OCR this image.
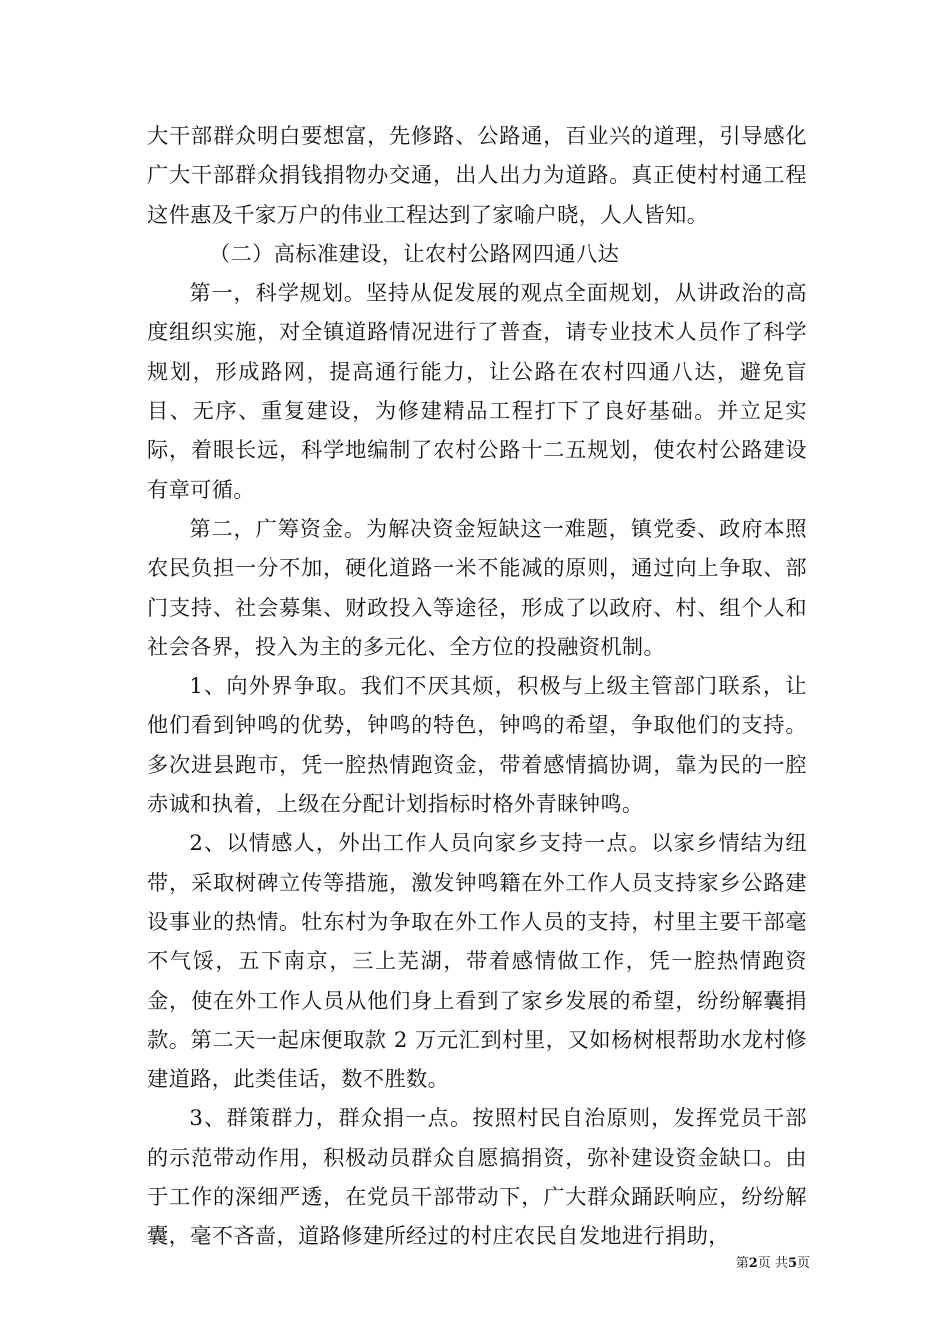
大干部群众明白要想富，先修路、公路通，百业兴的道理，引导感化广大干部群众捐钱捐物办交通，出人出力为道路。真正使村村通工程这件惠及千家万户的伟业工程达到了家喻户晓，人人皆知。

（二）高标准建设，让农村公路网四通八达

第一，科学规划。坚持从促发展的观点全面规划，从讲政治的高度组织实施，对全镇道路情况进行了普查，请专业技术人员作了科学规划，形成路网，提高通行能力，让公路在农村四通八达，避免盲目、无序、重复建设，为修建精品工程打下了良好基础。并立足实际，着眼长远，科学地编制了农村公路十二五规划，使农村公路建设有章可循。

第二，广筹资金。为解决资金短缺这一难题，镇党委、政府本照农民负担一分不加，硬化道路一米不能减的原则，通过向上争取、部门支持、社会募集、财政投入等途径，形成了以政府、村、组个人和社会各界，投入为主的多元化、全方位的投融资机制。

1、向外界争取。我们不厌其烦，积极与上级主管部门联系，让他们看到钟鸣的优势，钟鸣的特色，钟鸣的希望，争取他们的支持。多次进县跑市，凭一腔热情跑资金，带着感情搞协调，靠为民的一腔赤诚和执着，上级在分配计划指标时格外青睐钟鸣。

2、以情感人，外出工作人员向家乡支持一点。以家乡情结为纽带，采取树碑立传等措施，激发钟鸣籍在外工作人员支持家乡公路建设事业的热情。牡东村为争取在外工作人员的支持，村里主要干部毫不气馁，五下南京，三上芜湖，带着感情做工作，凭一腔热情跑资金，使在外工作人员从他们身上看到了家乡发展的希望，纷纷解囊捐款。第二天一起床便取款 2 万元汇到村里，又如杨树根帮助水龙村修建道路，此类佳话，数不胜数。

3、群策群力，群众捐一点。按照村民自治原则，发挥党员干部的示范带动作用，积极动员群众自愿搞捐资，弥补建设资金缺口。由于工作的深细严透，在党员干部带动下，广大群众踊跃响应，纷纷解囊，毫不吝啬，道路修建所经过的村庄农民自发地进行捐助，

第2页 共5页
